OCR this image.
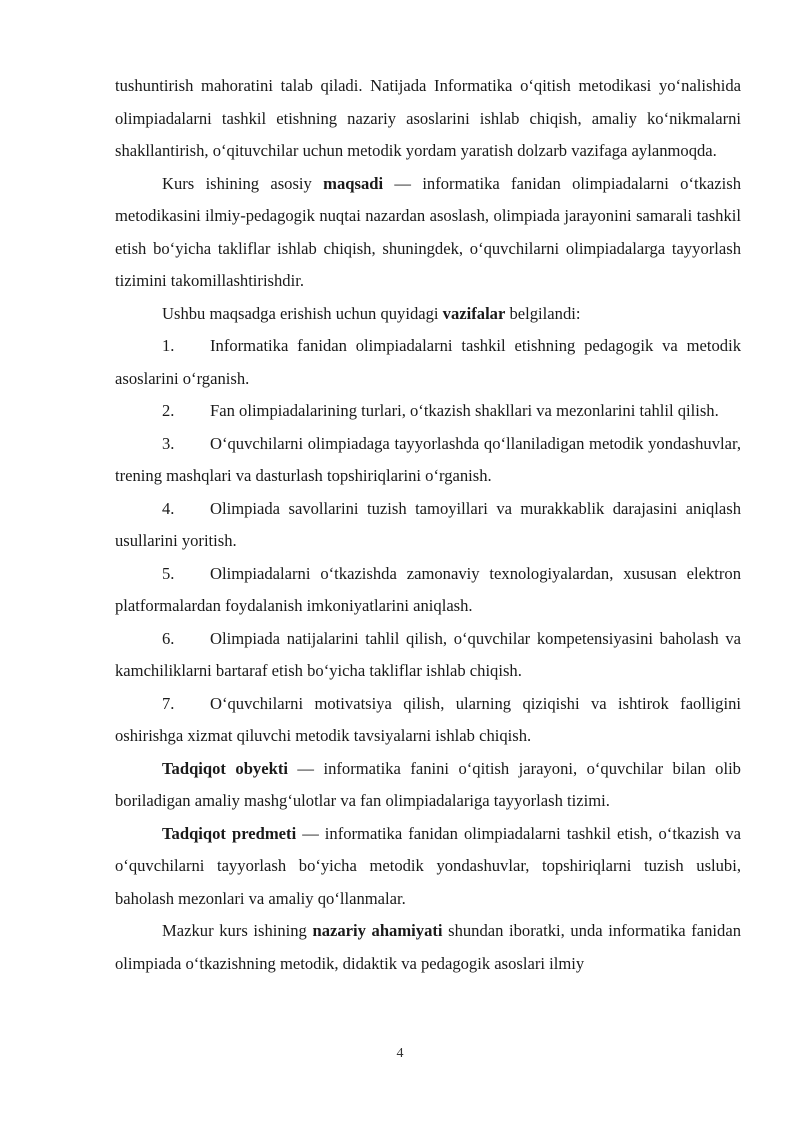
tushuntirish mahoratini talab qiladi. Natijada Informatika o‘qitish metodikasi yo‘nalishida olimpiadalarni tashkil etishning nazariy asoslarini ishlab chiqish, amaliy ko‘nikmalarni shakllantirish, o‘qituvchilar uchun metodik yordam yaratish dolzarb vazifaga aylanmoqda.

Kurs ishining asosiy maqsadi — informatika fanidan olimpiadalarni o‘tkazish metodikasini ilmiy-pedagogik nuqtai nazardan asoslash, olimpiada jarayonini samarali tashkil etish bo‘yicha takliflar ishlab chiqish, shuningdek, o‘quvchilarni olimpiadalarga tayyorlash tizimini takomillashtirishdir.

Ushbu maqsadga erishish uchun quyidagi vazifalar belgilandi:

1. Informatika fanidan olimpiadalarni tashkil etishning pedagogik va metodik asoslarini o‘rganish.

2. Fan olimpiadalarining turlari, o‘tkazish shakllari va mezonlarini tahlil qilish.

3. O‘quvchilarni olimpiadaga tayyorlashda qo‘llaniladigan metodik yondashuvlar, trening mashqlari va dasturlash topshiriqlarini o‘rganish.

4. Olimpiada savollarini tuzish tamoyillari va murakkablik darajasini aniqlash usullarini yoritish.

5. Olimpiadalarni o‘tkazishda zamonaviy texnologiyalardan, xususan elektron platformalardan foydalanish imkoniyatlarini aniqlash.

6. Olimpiada natijalarini tahlil qilish, o‘quvchilar kompetensiyasini baholash va kamchiliklarni bartaraf etish bo‘yicha takliflar ishlab chiqish.

7. O‘quvchilarni motivatsiya qilish, ularning qiziqishi va ishtirok faolligini oshirishga xizmat qiluvchi metodik tavsiyalarni ishlab chiqish.

Tadqiqot obyekti — informatika fanini o‘qitish jarayoni, o‘quvchilar bilan olib boriladigan amaliy mashg‘ulotlar va fan olimpiadalariga tayyorlash tizimi.

Tadqiqot predmeti — informatika fanidan olimpiadalarni tashkil etish, o‘tkazish va o‘quvchilarni tayyorlash bo‘yicha metodik yondashuvlar, topshiriqlarni tuzish uslubi, baholash mezonlari va amaliy qo‘llanmalar.

Mazkur kurs ishining nazariy ahamiyati shundan iboratki, unda informatika fanidan olimpiada o‘tkazishning metodik, didaktik va pedagogik asoslari ilmiy

4
